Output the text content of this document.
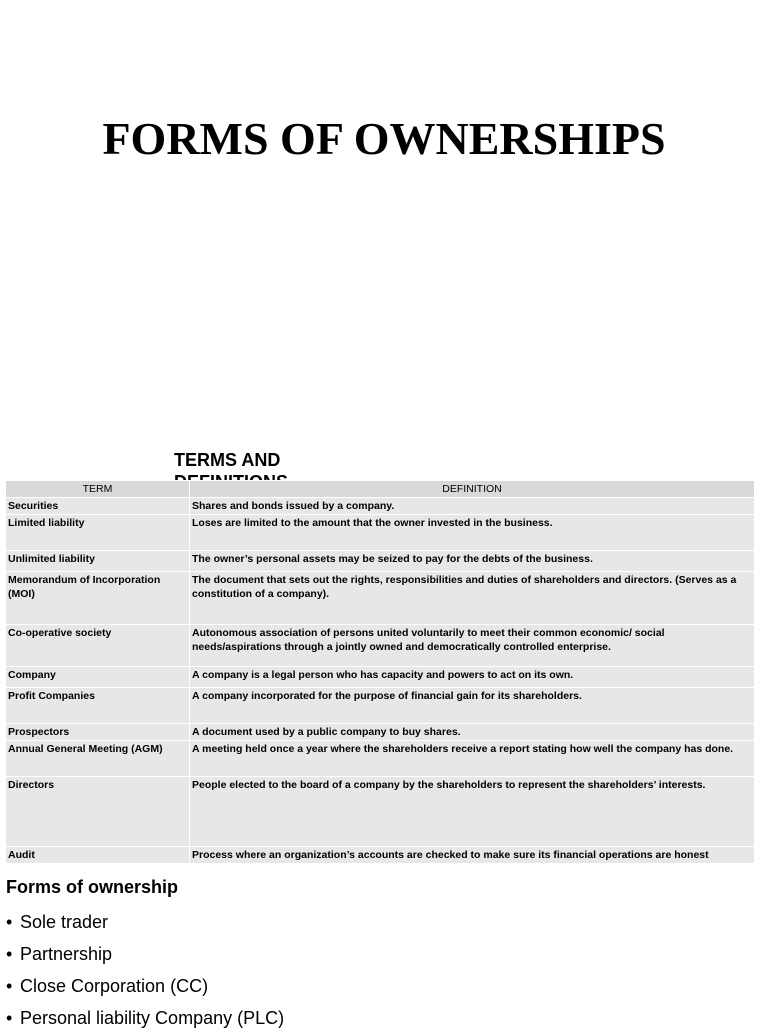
FORMS OF OWNERSHIPS
TERMS AND
TERM	DEFINITION
Securities	Shares and bonds issued by a company.
Limited liability	Loses are limited to the amount that the owner invested in the business.
Unlimited liability	The owner’s personal assets may be seized to pay for the debts of the business.
Memorandum of Incorporation (MOI)	The document that sets out the rights, responsibilities and duties of shareholders and directors. (Serves as a constitution of a company).
Co-operative society	Autonomous association of persons united voluntarily to meet their common economic/ social needs/aspirations through a jointly owned and democratically controlled enterprise.
Company	A company is a legal person who has capacity and powers to act on its own.
Profit Companies	A company incorporated for the purpose of financial gain for its shareholders.
Prospectors	A document used by a public company to buy shares.
Annual General Meeting (AGM)	A meeting held once a year where the shareholders receive a report stating how well the company has done.
Directors	People elected to the board of a company by the shareholders to represent the shareholders’ interests.
Audit	Process where an organization’s accounts are checked to make sure its financial operations are honest
Forms of ownership
• Sole trader
• Partnership
• Close Corporation (CC)
• Personal liability Company (PLC)
